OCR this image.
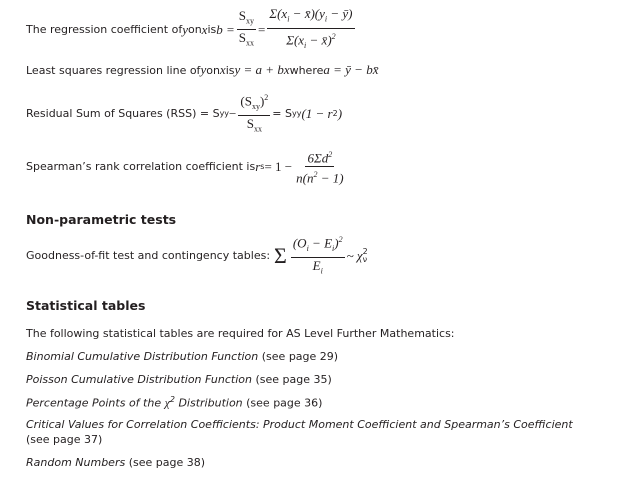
The regression coefficient of y on x is $b = \frac{S_{xy}}{S_{xx}} = \frac{\Sigma(x_i - x̄)(y_i - ȳ)}{\Sigma(x_i - x̄)^2}$
Least squares regression line of y on x is y = a + bx where a = ȳ − bx̄
Residual Sum of Squares (RSS) = S yy − $\frac{(S_{xy})^2}{S_{xx}} = S$ yy (1 − r 2 )
Spearman’s rank correlation coefficient is r $s = 1 - \frac{6\Sigma d^2}{n(n^2 - 1)}$
Non-parametric tests
Goodness-of-fit test and contingency tables: Σ $\frac{(O_i - E_i)^2}{E_i}$ ~ χ 2
ν
Statistical tables
The following statistical tables are required for AS Level Further Mathematics:
Binomial Cumulative Distribution Function (see page 29)
Poisson Cumulative Distribution Function (see page 35)
Percentage Points of the $\chi^2$ Distribution (see page 36)
Critical Values for Correlation Coefficients: Product Moment Coefficient and Spearman’s Coefficient
(see page 37)
Random Numbers (see page 38)
